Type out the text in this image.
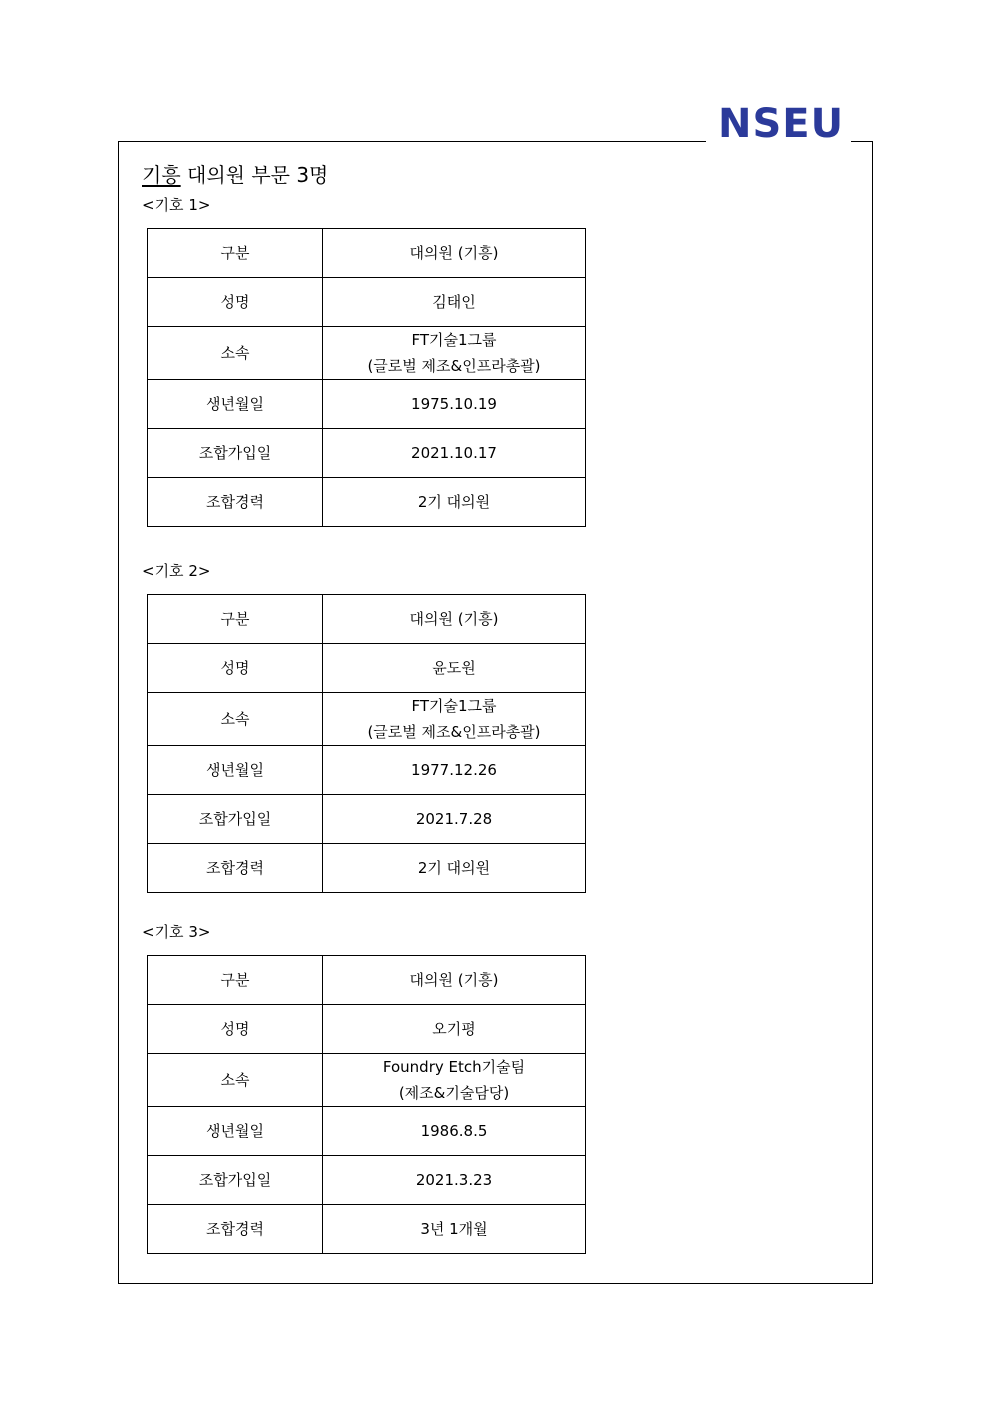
NSEU
기흥 대의원 부문 3명
<기호 1>
구분	대의원 (기흥)
성명	김태인
소속	FT기술1그룹
(글로벌 제조&인프라총괄)

생년월일	1975.10.19
조합가입일	2021.10.17
조합경력	2기 대의원
<기호 2>
구분	대의원 (기흥)
성명	윤도원
소속	FT기술1그룹
(글로벌 제조&인프라총괄)

생년월일	1977.12.26
조합가입일	2021.7.28
조합경력	2기 대의원
<기호 3>
구분	대의원 (기흥)
성명	오기평
소속	Foundry Etch기술팀
(제조&기술담당)

생년월일	1986.8.5
조합가입일	2021.3.23
조합경력	3년 1개월
